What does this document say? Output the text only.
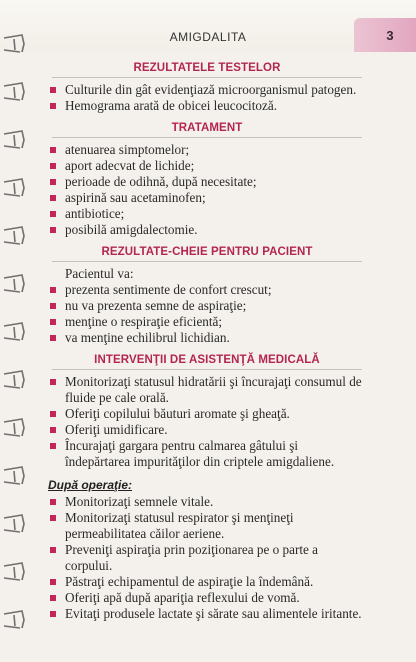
AMIGDALITA	3
REZULTATELE TESTELOR
Culturile din gât evidenţiază microorganismul patogen.
Hemograma arată de obicei leucocitoză.
TRATAMENT
atenuarea simptomelor;
aport adecvat de lichide;
perioade de odihnă, după necesitate;
aspirină sau acetaminofen;
antibiotice;
posibilă amigdalectomie.
REZULTATE-CHEIE PENTRU PACIENT
Pacientul va:
prezenta sentimente de confort crescut;
nu va prezenta semne de aspiraţie;
menţine o respiraţie eficientă;
va menţine echilibrul lichidian.
INTERVENŢII DE ASISTENŢĂ MEDICALĂ
Monitorizaţi statusul hidratării şi încurajaţi consumul de fluide pe cale orală.
Oferiţi copilului băuturi aromate şi gheaţă.
Oferiţi umidificare.
Încurajaţi gargara pentru calmarea gâtului şi îndepărtarea impurităţilor din criptele amigdaliene.
După operaţie:
Monitorizaţi semnele vitale.
Monitorizaţi statusul respirator şi menţineţi permeabilitatea căilor aeriene.
Preveniţi aspiraţia prin poziţionarea pe o parte a corpului.
Păstraţi echipamentul de aspiraţie la îndemână.
Oferiţi apă după apariţia reflexului de vomă.
Evitaţi produsele lactate şi sărate sau alimentele iritante.
